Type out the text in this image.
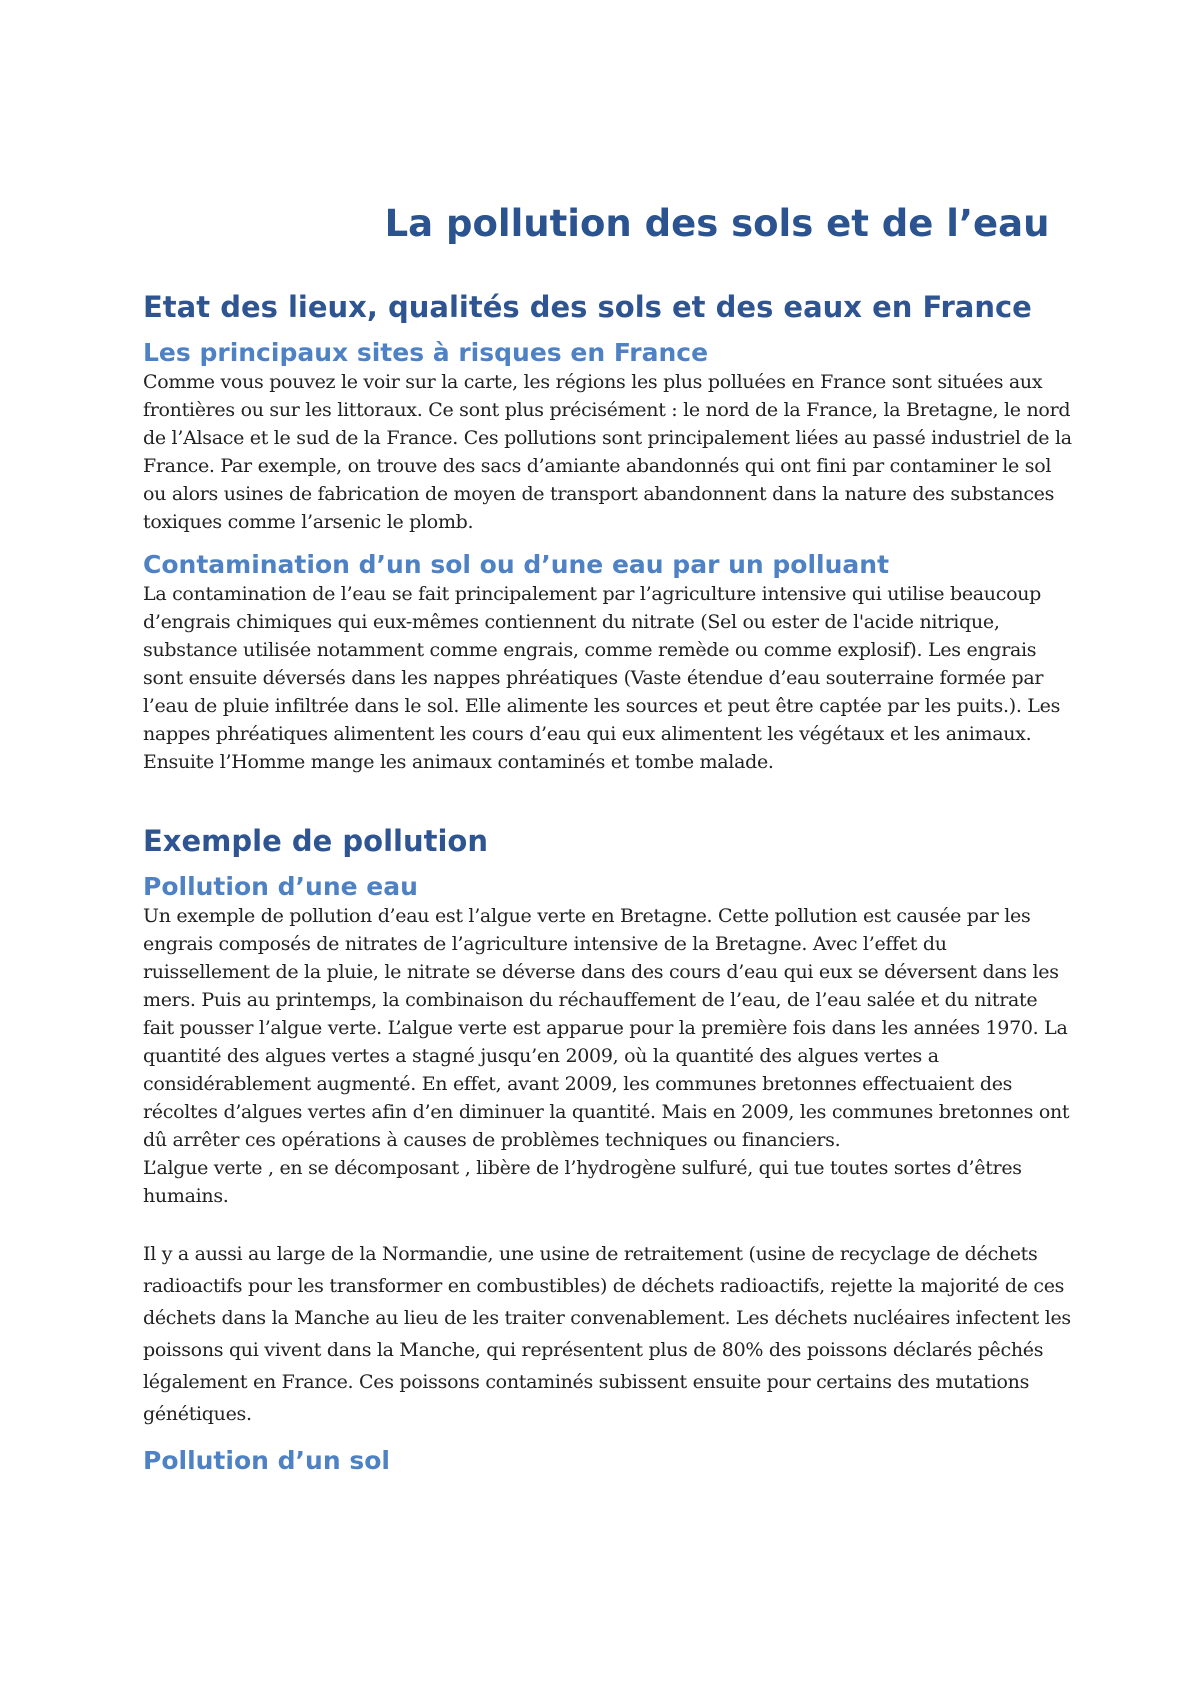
La pollution des sols et de l’eau
Etat des lieux, qualités des sols et des eaux en France
Les principaux sites à risques en France

Comme vous pouvez le voir sur la carte, les régions les plus polluées en France sont situées aux frontières ou sur les littoraux. Ce sont plus précisément : le nord de la France, la Bretagne, le nord de l’Alsace et le sud de la France. Ces pollutions sont principalement liées au passé industriel de la France. Par exemple, on trouve des sacs d’amiante abandonnés qui ont fini par contaminer le sol ou alors usines de fabrication de moyen de transport abandonnent dans la nature des substances toxiques comme l’arsenic le plomb.

Contamination d’un sol ou d’une eau par un polluant

La contamination de l’eau se fait principalement par l’agriculture intensive qui utilise beaucoup d’engrais chimiques qui eux-mêmes contiennent du nitrate (Sel ou ester de l'acide nitrique, substance utilisée notamment comme engrais, comme remède ou comme explosif). Les engrais sont ensuite déversés dans les nappes phréatiques (Vaste étendue d’eau souterraine formée par l’eau de pluie infiltrée dans le sol. Elle alimente les sources et peut être captée par les puits.). Les nappes phréatiques alimentent les cours d’eau qui eux alimentent les végétaux et les animaux. Ensuite l’Homme mange les animaux contaminés et tombe malade.

Exemple de pollution
Pollution d’une eau

Un exemple de pollution d’eau est l’algue verte en Bretagne. Cette pollution est causée par les engrais composés de nitrates de l’agriculture intensive de la Bretagne. Avec l’effet du ruissellement de la pluie, le nitrate se déverse dans des cours d’eau qui eux se déversent dans les mers. Puis au printemps, la combinaison du réchauffement de l’eau, de l’eau salée et du nitrate fait pousser l’algue verte. L’algue verte est apparue pour la première fois dans les années 1970. La quantité des algues vertes a stagné jusqu’en 2009, où la quantité des algues vertes a considérablement augmenté. En effet, avant 2009, les communes bretonnes effectuaient des récoltes d’algues vertes afin d’en diminuer la quantité. Mais en 2009, les communes bretonnes ont dû arrêter ces opérations à causes de problèmes techniques ou financiers.

L’algue verte , en se décomposant , libère de l’hydrogène sulfuré, qui tue toutes sortes d’êtres humains.

Il y a aussi au large de la Normandie, une usine de retraitement (usine de recyclage de déchets radioactifs pour les transformer en combustibles) de déchets radioactifs, rejette la majorité de ces déchets dans la Manche au lieu de les traiter convenablement. Les déchets nucléaires infectent les poissons qui vivent dans la Manche, qui représentent plus de 80% des poissons déclarés pêchés légalement en France. Ces poissons contaminés subissent ensuite pour certains des mutations génétiques.

Pollution d’un sol
